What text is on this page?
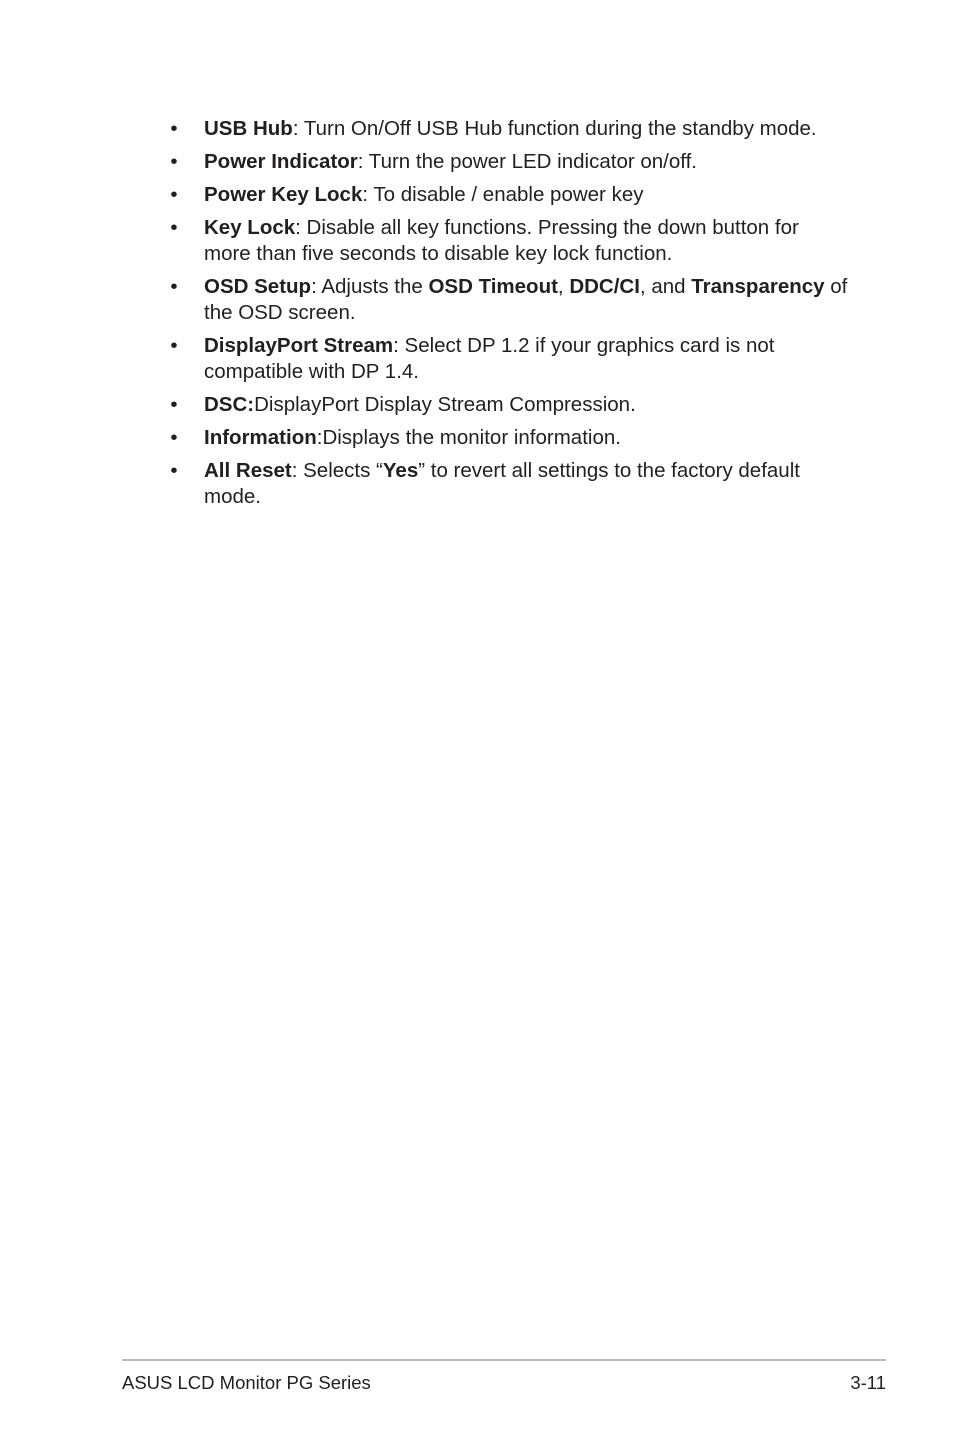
• USB Hub: Turn On/Off USB Hub function during the standby mode.
• Power Indicator: Turn the power LED indicator on/off.
• Power Key Lock: To disable / enable power key
• Key Lock: Disable all key functions. Pressing the down button for more than five seconds to disable key lock function.
• OSD Setup: Adjusts the OSD Timeout, DDC/CI, and Transparency of the OSD screen.
• DisplayPort Stream: Select DP 1.2 if your graphics card is not compatible with DP 1.4.
• DSC:DisplayPort Display Stream Compression.
• Information:Displays the monitor information.
• All Reset: Selects “Yes” to revert all settings to the factory default mode.
ASUS LCD Monitor PG Series	3-11
